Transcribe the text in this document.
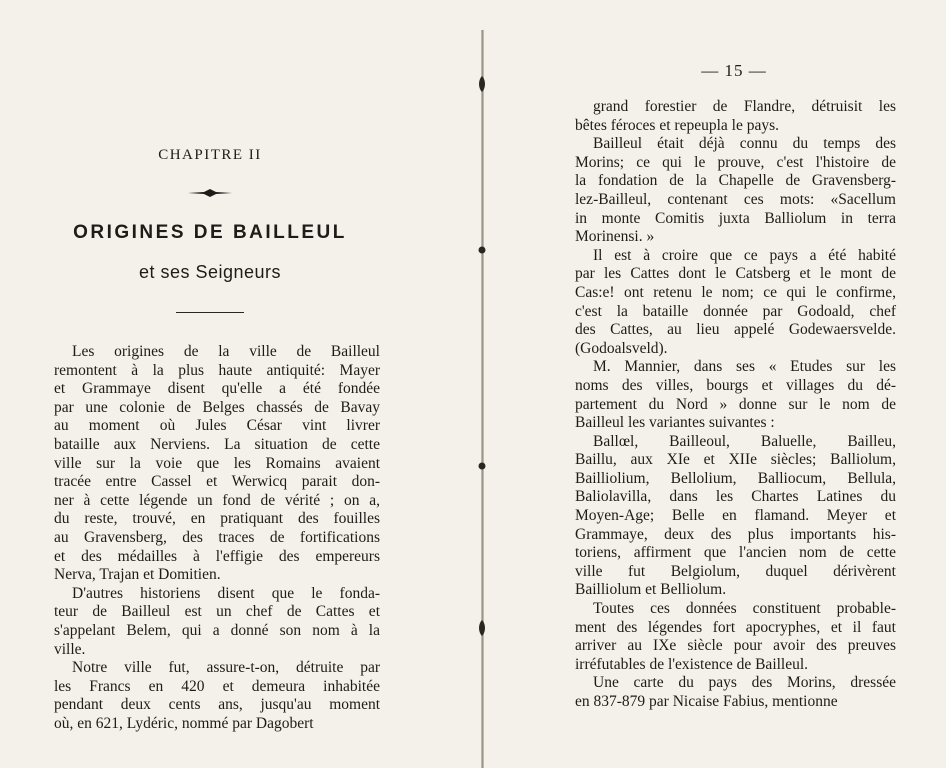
CHAPITRE II
ORIGINES DE BAILLEUL
et ses Seigneurs
Les origines de la ville de Bailleul
remontent à la plus haute antiquité: Mayer
et Grammaye disent qu'elle a été fondée
par une colonie de Belges chassés de Bavay
au moment où Jules César vint livrer
bataille aux Nerviens. La situation de cette
ville sur la voie que les Romains avaient
tracée entre Cassel et Werwicq parait don-
ner à cette légende un fond de vérité ; on a,
du reste, trouvé, en pratiquant des fouilles
au Gravensberg, des traces de fortifications
et des médailles à l'effigie des empereurs
Nerva, Trajan et Domitien.
D'autres historiens disent que le fonda-
teur de Bailleul est un chef de Cattes et
s'appelant Belem, qui a donné son nom à la
ville.
Notre ville fut, assure-t-on, détruite par
les Francs en 420 et demeura inhabitée
pendant deux cents ans, jusqu'au moment
où, en 621, Lydéric, nommé par Dagobert
— 15 —
grand forestier de Flandre, détruisit les
bêtes féroces et repeupla le pays.
Bailleul était déjà connu du temps des
Morins; ce qui le prouve, c'est l'histoire de
la fondation de la Chapelle de Gravensberg-
lez-Bailleul, contenant ces mots: «Sacellum
in monte Comitis juxta Balliolum in terra
Morinensi. »
Il est à croire que ce pays a été habité
par les Cattes dont le Catsberg et le mont de
Cas:e! ont retenu le nom; ce qui le confirme,
c'est la bataille donnée par Godoald, chef
des Cattes, au lieu appelé Godewaersvelde.
(Godoalsveld).
M. Mannier, dans ses « Etudes sur les
noms des villes, bourgs et villages du dé-
partement du Nord » donne sur le nom de
Bailleul les variantes suivantes :
Ballœl, Bailleoul, Baluelle, Bailleu,
Baillu, aux XIe et XIIe siècles; Balliolum,
Bailliolium, Bellolium, Balliocum, Bellula,
Baliolavilla, dans les Chartes Latines du
Moyen-Age; Belle en flamand. Meyer et
Grammaye, deux des plus importants his-
toriens, affirment que l'ancien nom de cette
ville fut Belgiolum, duquel dérivèrent
Bailliolum et Belliolum.
Toutes ces données constituent probable-
ment des légendes fort apocryphes, et il faut
arriver au IXe siècle pour avoir des preuves
irréfutables de l'existence de Bailleul.
Une carte du pays des Morins, dressée
en 837-879 par Nicaise Fabius, mentionne
